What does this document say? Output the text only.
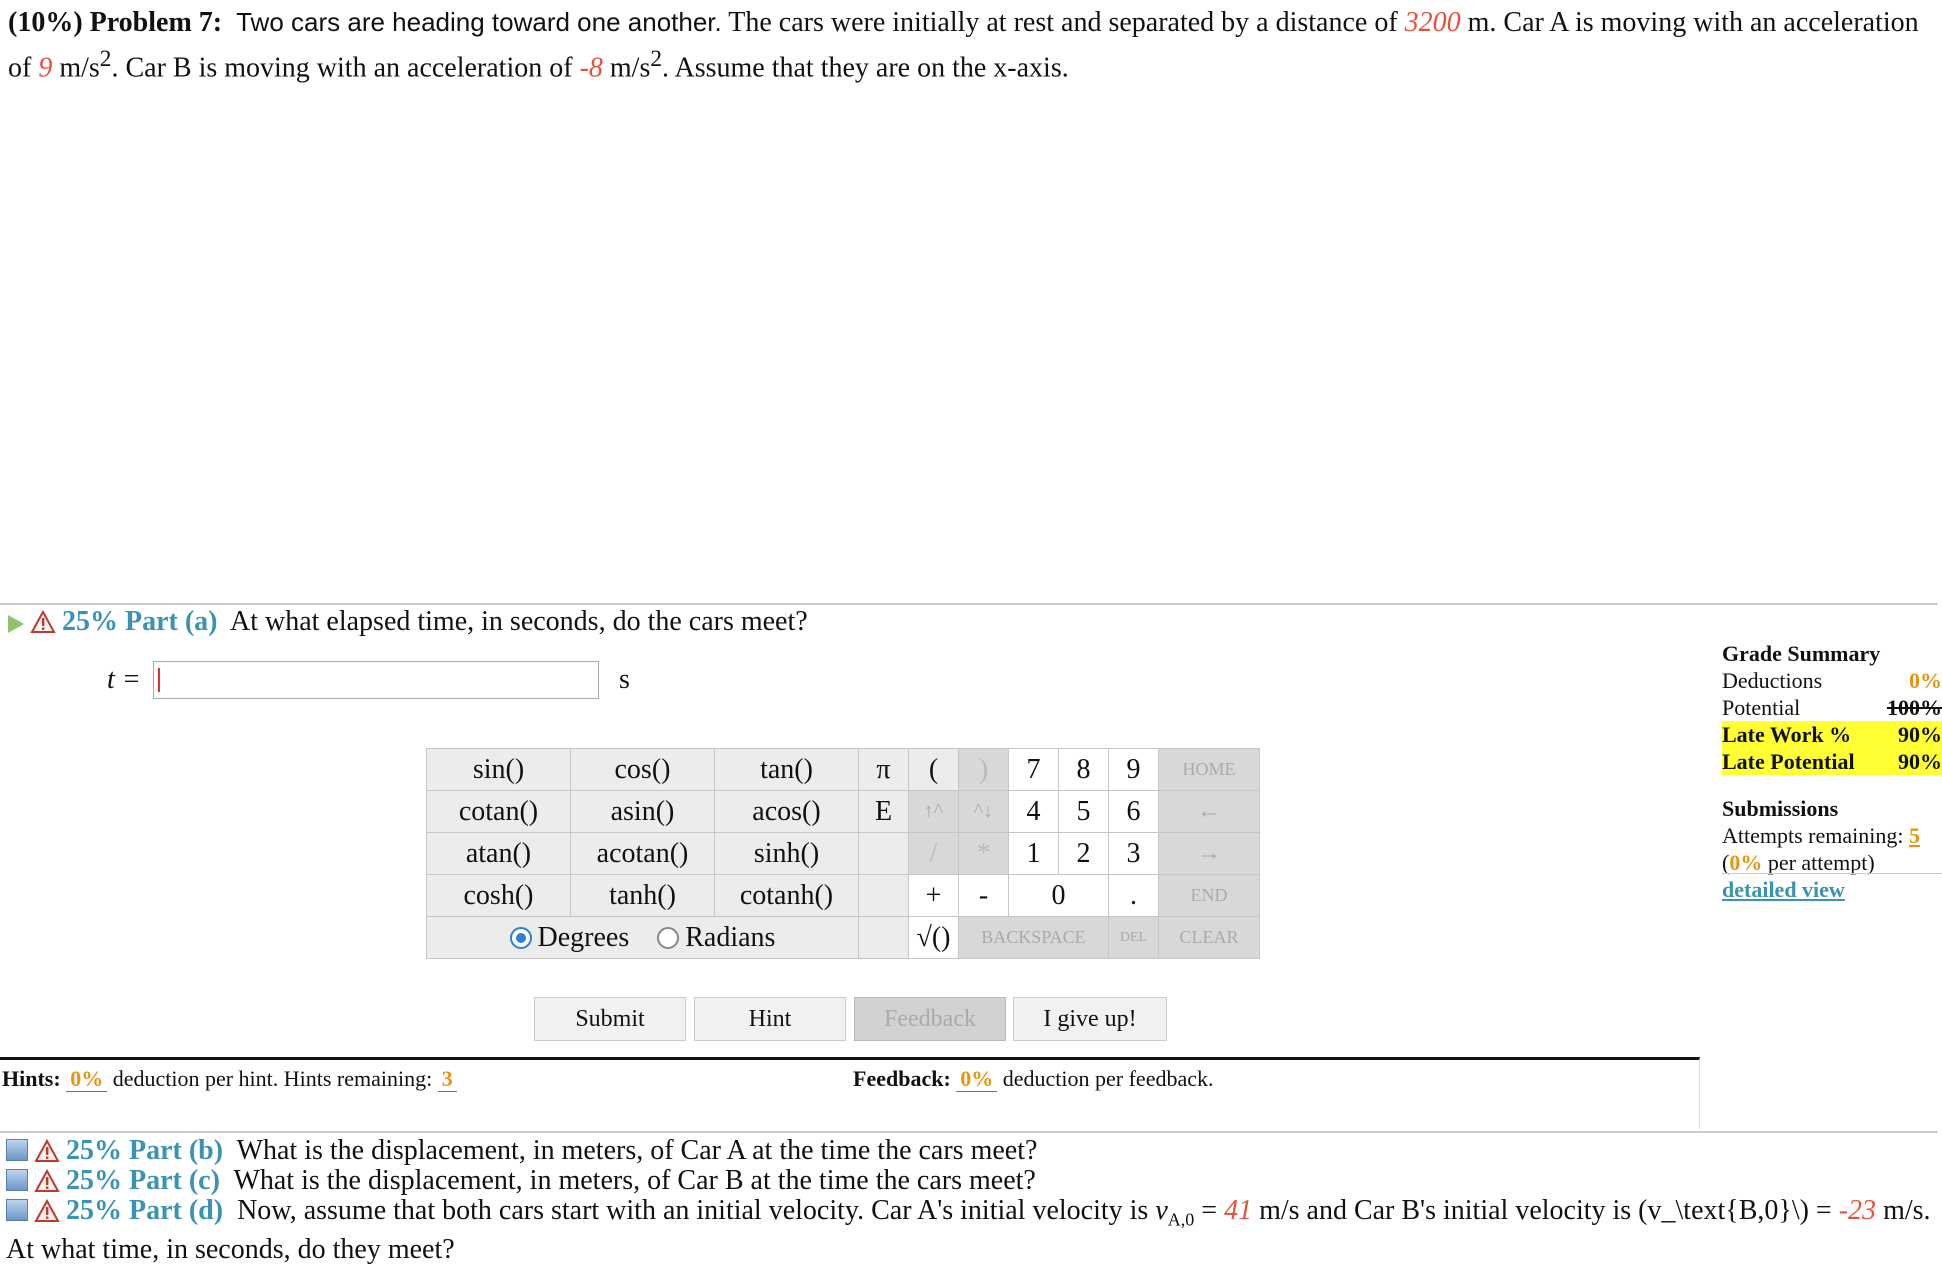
(10%) Problem 7: Two cars are heading toward one another. The cars were initially at rest and separated by a distance of 3200 m. Car A is moving with an acceleration of 9 $m/s^2$. Car B is moving with an acceleration of -8 $m/s^2$. Assume that they are on the x-axis.
25% Part (a) At what elapsed time, in seconds, do the cars meet?
t =	s
sin()	cos()	tan()	π	(	)	7	8	9	HOME
cotan()	asin()	acos()	E	↑^	^↓	4	5	6	←
atan()	acotan()	sinh()		/	*	1	2	3	→
cosh()	tanh()	cotanh()		+	-	0		.	END
Degrees Radians				√()	BACKSPACE			DEL	CLEAR
Submit	Hint	Feedback	I give up!
Hints: 0% deduction per hint. Hints remaining: 3	Feedback: 0% deduction per feedback.
Grade Summary
Deductions	0%
Potential	100%
Late Work % 90%
Late Potential 90%
Submissions
Attempts remaining: 5
(0% per attempt)
detailed view
25% Part (b) What is the displacement, in meters, of Car A at the time the cars meet?
25% Part (c) What is the displacement, in meters, of Car B at the time the cars meet?
25% Part (d) Now, assume that both cars start with an initial velocity. Car A's initial velocity is $v_{A,0} = 41$ m/s and Car B's initial velocity is (v_\text{B,0}\) = -23 m/s. At what time, in seconds, do they meet?
